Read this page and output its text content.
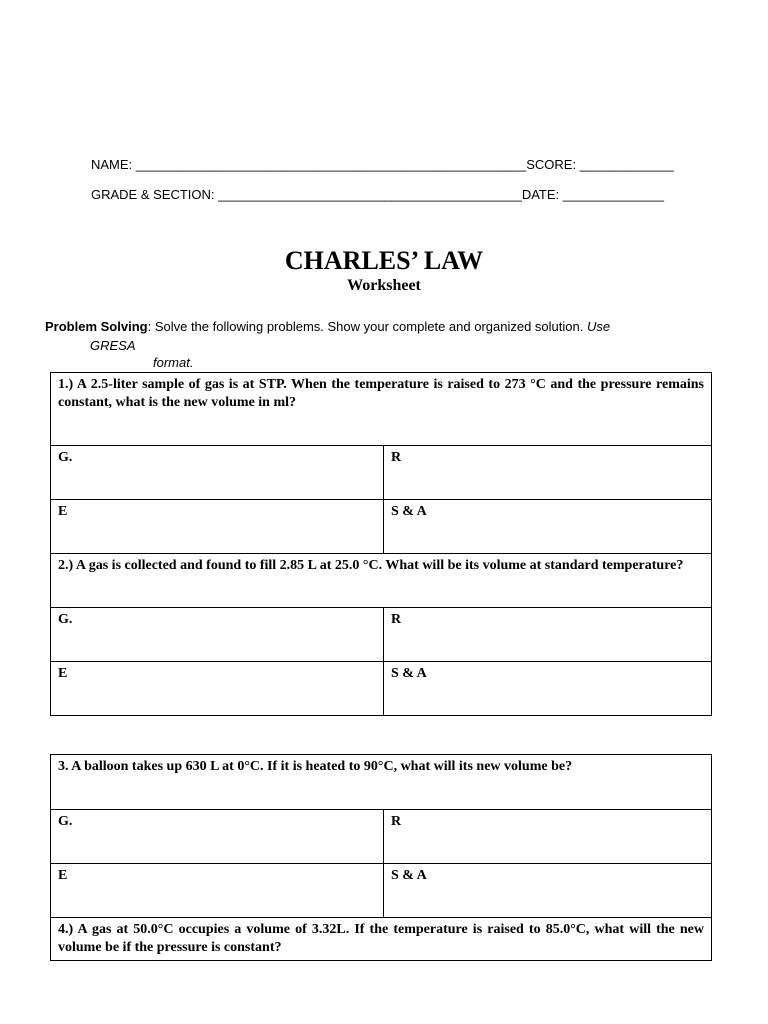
NAME: ______________________________________________________SCORE: _____________
GRADE & SECTION: __________________________________________DATE: ______________
CHARLES’ LAW
Worksheet
Problem Solving: Solve the following problems. Show your complete and organized solution. Use
GRESA
format.
1.) A 2.5-liter sample of gas is at STP. When the temperature is raised to 273 °C and the pressure remains constant, what is the new volume in ml?	
G.	R
E	S & A
2.) A gas is collected and found to fill 2.85 L at 25.0 °C. What will be its volume at standard temperature?	
G.	R
E	S & A
3. A balloon takes up 630 L at 0°C. If it is heated to 90°C, what will its new volume be?	
G.	R
E	S & A
4.) A gas at 50.0°C occupies a volume of 3.32L. If the temperature is raised to 85.0°C, what will the new volume be if the pressure is constant?	
